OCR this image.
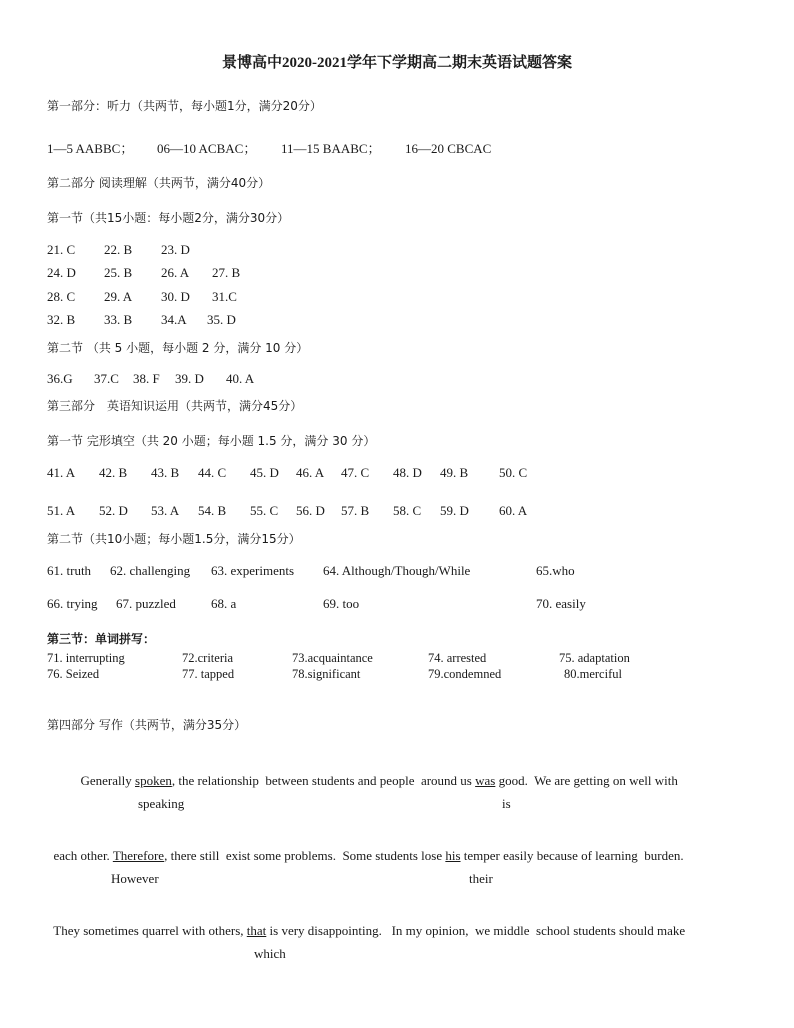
景博高中2020-2021学年下学期高二期末英语试题答案
第一部分：听力（共两节，每小题1分，满分20分）
1—5 AABBC； 06—10 ACBAC； 11—15 BAABC； 16—20 CBCAC
第二部分 阅读理解（共两节，满分40分）
第一节（共15小题：每小题2分，满分30分）
21. C 22. B 23. D
24. D 25. B 26. A 27. B
28. C 29. A 30. D 31.C
32. B 33. B 34.A 35. D
第二节 （共 5 小题，每小题 2 分，满分 10 分）
36.G 37.C 38. F 39. D 40. A
第三部分　英语知识运用（共两节，满分45分）
第一节 完形填空（共 20 小题；每小题 1.5 分，满分 30 分）
41. A 42. B 43. B 44. C 45. D 46. A 47. C 48. D 49. B 50. C
51. A 52. D 53. A 54. B 55. C 56. D 57. B 58. C 59. D 60. A
第二节（共10小题；每小题1.5分，满分15分）
61. truth 62. challenging 63. experiments 64. Although/Though/While	65.who
66. trying 67. puzzled	68. a	69. too	70. easily
第三节：单词拼写：
71. interrupting	72.criteria	73.acquaintance	74. arrested	75. adaptation
76. Seized	77. tapped	78.significant	79.condemned	80.merciful
第四部分 写作（共两节，满分35分）

Generally spoken, the relationship  between students and people  around us was good.  We are getting on well with

speaking	is

each other. Therefore, there still  exist some problems.  Some students lose his temper easily because of learning  burden.

However	their

They sometimes quarrel with others, that is very disappointing.   In my opinion,  we middle  school students should make

which
